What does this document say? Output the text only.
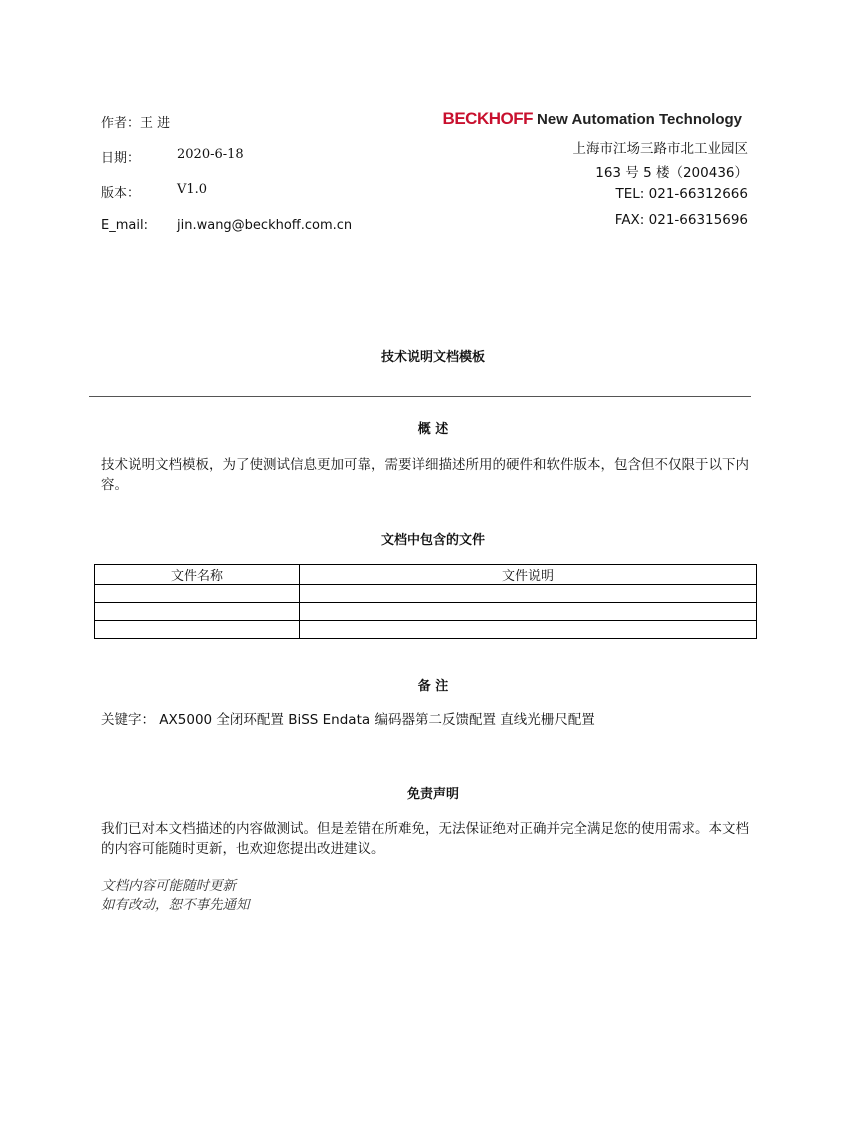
作者：王 进
日期：	2020-6-18
版本：	V1.0
E_mail: jin.wang@beckhoff.com.cn
BECKHOFF New Automation Technology
上海市江场三路市北工业园区
163 号 5 楼（200436）
TEL: 021-66312666
FAX: 021-66315696
技术说明文档模板
概 述
技术说明文档模板，为了使测试信息更加可靠，需要详细描述所用的硬件和软件版本，包含但不仅限于以下内容。
文档中包含的文件
文件名称	文件说明

备 注
关键字： AX5000 全闭环配置 BiSS Endata 编码器第二反馈配置 直线光栅尺配置
免责声明
我们已对本文档描述的内容做测试。但是差错在所难免，无法保证绝对正确并完全满足您的使用需求。本文档的内容可能随时更新，也欢迎您提出改进建议。
文档内容可能随时更新
如有改动，恕不事先通知
